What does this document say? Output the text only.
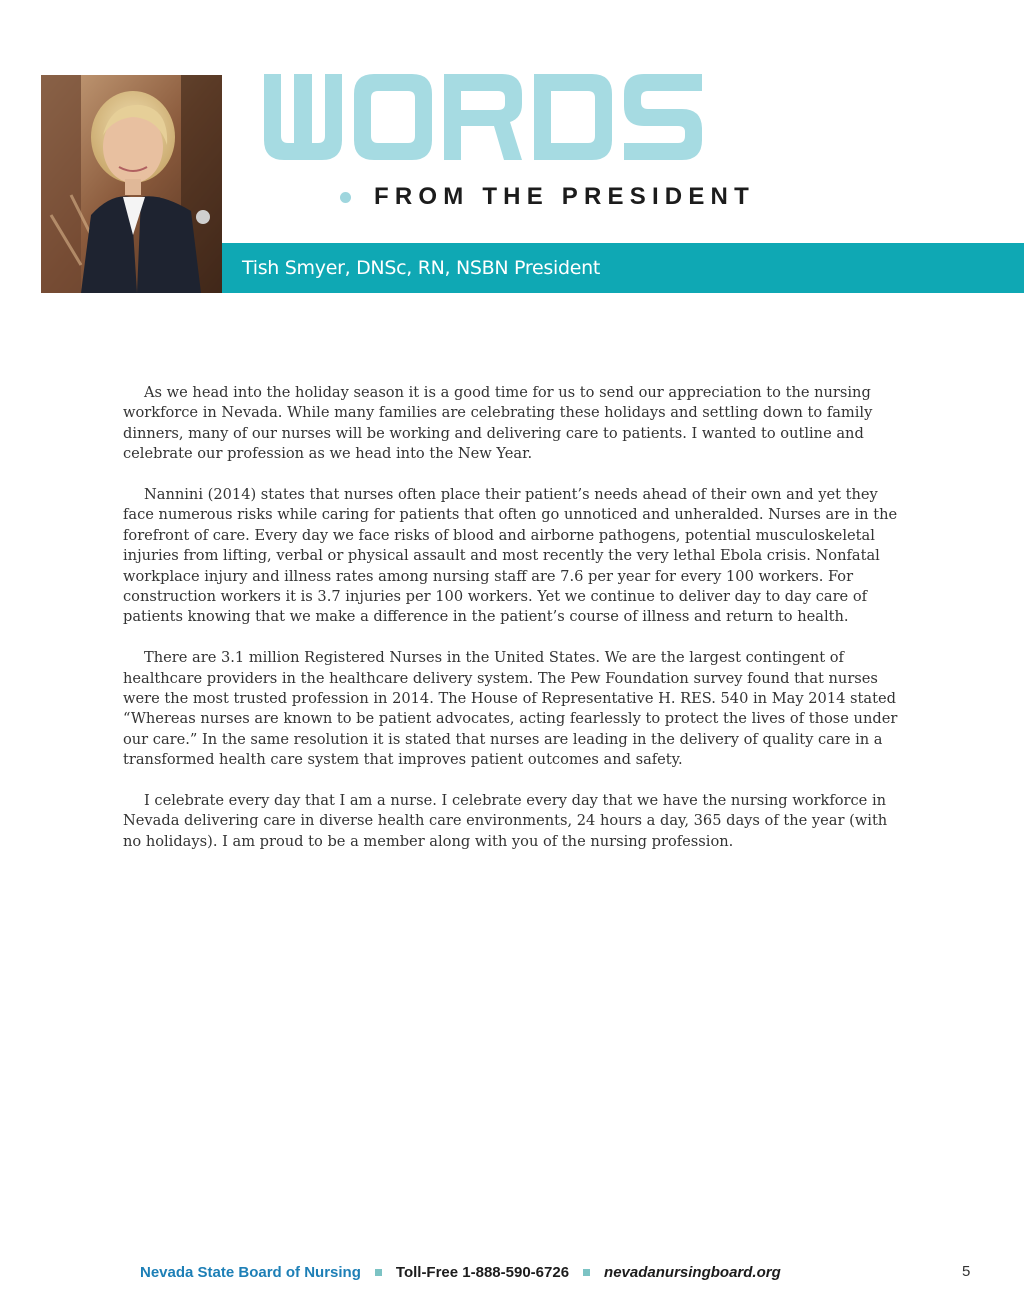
FROM THE PRESIDENT
Tish Smyer, DNSc, RN, NSBN President

As we head into the holiday season it is a good time for us to send our appreciation to the nursing workforce in Nevada. While many families are celebrating these holidays and settling down to family dinners, many of our nurses will be working and delivering care to patients. I wanted to outline and celebrate our profession as we head into the New Year.

Nannini (2014) states that nurses often place their patient’s needs ahead of their own and yet they face numerous risks while caring for patients that often go unnoticed and unheralded. Nurses are in the forefront of care. Every day we face risks of blood and airborne pathogens, potential musculoskeletal injuries from lifting, verbal or physical assault and most recently the very lethal Ebola crisis. Nonfatal workplace injury and illness rates among nursing staff are 7.6 per year for every 100 workers. For construction workers it is 3.7 injuries per 100 workers. Yet we continue to deliver day to day care of patients knowing that we make a difference in the patient’s course of illness and return to health.

There are 3.1 million Registered Nurses in the United States. We are the largest contingent of healthcare providers in the healthcare delivery system. The Pew Foundation survey found that nurses were the most trusted profession in 2014. The House of Representative H. RES. 540 in May 2014 stated “Whereas nurses are known to be patient advocates, acting fearlessly to protect the lives of those under our care.” In the same resolution it is stated that nurses are leading in the delivery of quality care in a transformed health care system that improves patient outcomes and safety.

I celebrate every day that I am a nurse. I celebrate every day that we have the nursing workforce in Nevada delivering care in diverse health care environments, 24 hours a day, 365 days of the year (with no holidays). I am proud to be a member along with you of the nursing profession.

Nevada State Board of Nursing Toll-Free 1-888-590-6726 nevadanursingboard.org	5
